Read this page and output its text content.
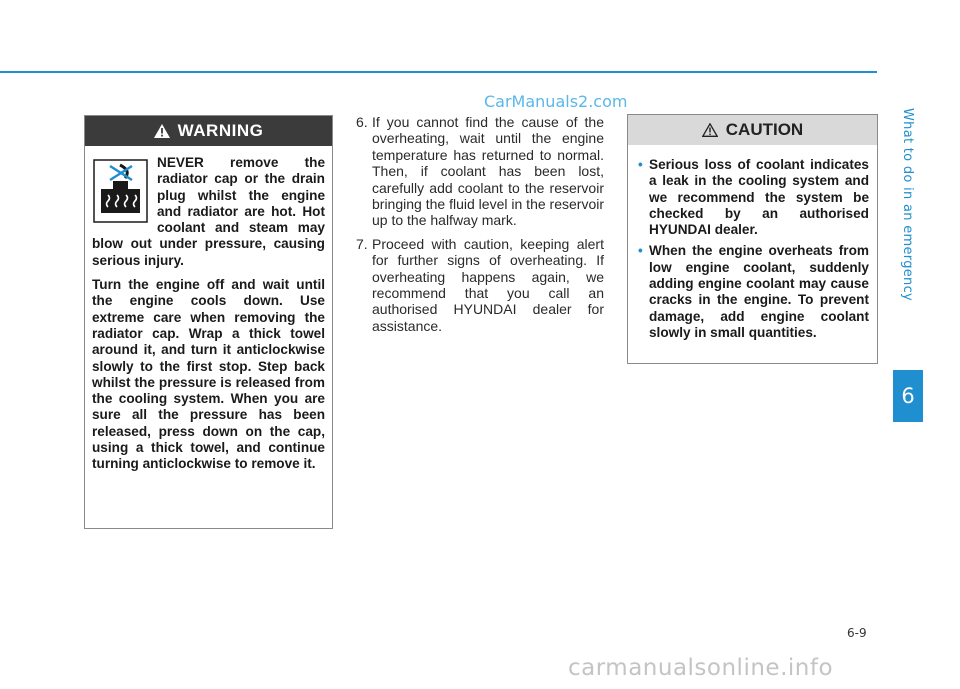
CarManuals2.com
What to do in an emergency
6
WARNING

NEVER remove the radiator cap or the drain plug whilst the engine and radiator are hot. Hot coolant and steam may blow out under pressure, causing serious injury.

Turn the engine off and wait until the engine cools down. Use extreme care when removing the radiator cap. Wrap a thick towel around it, and turn it anticlockwise slowly to the first stop. Step back whilst the pressure is released from the cooling system. When you are sure all the pressure has been released, press down on the cap, using a thick towel, and continue turning anticlockwise to remove it.

6. If you cannot find the cause of the overheating, wait until the engine temperature has returned to normal. Then, if coolant has been lost, carefully add coolant to the reservoir bringing the fluid level in the reservoir up to the halfway mark.
7. Proceed with caution, keeping alert for further signs of overheating. If overheating happens again, we recommend that you call an authorised HYUNDAI dealer for assistance.
CAUTION
• Serious loss of coolant indicates a leak in the cooling system and we recommend the system be checked by an authorised HYUNDAI dealer.
• When the engine overheats from low engine coolant, suddenly adding engine coolant may cause cracks in the engine. To prevent damage, add engine coolant slowly in small quantities.
6-9
carmanualsonline.info
